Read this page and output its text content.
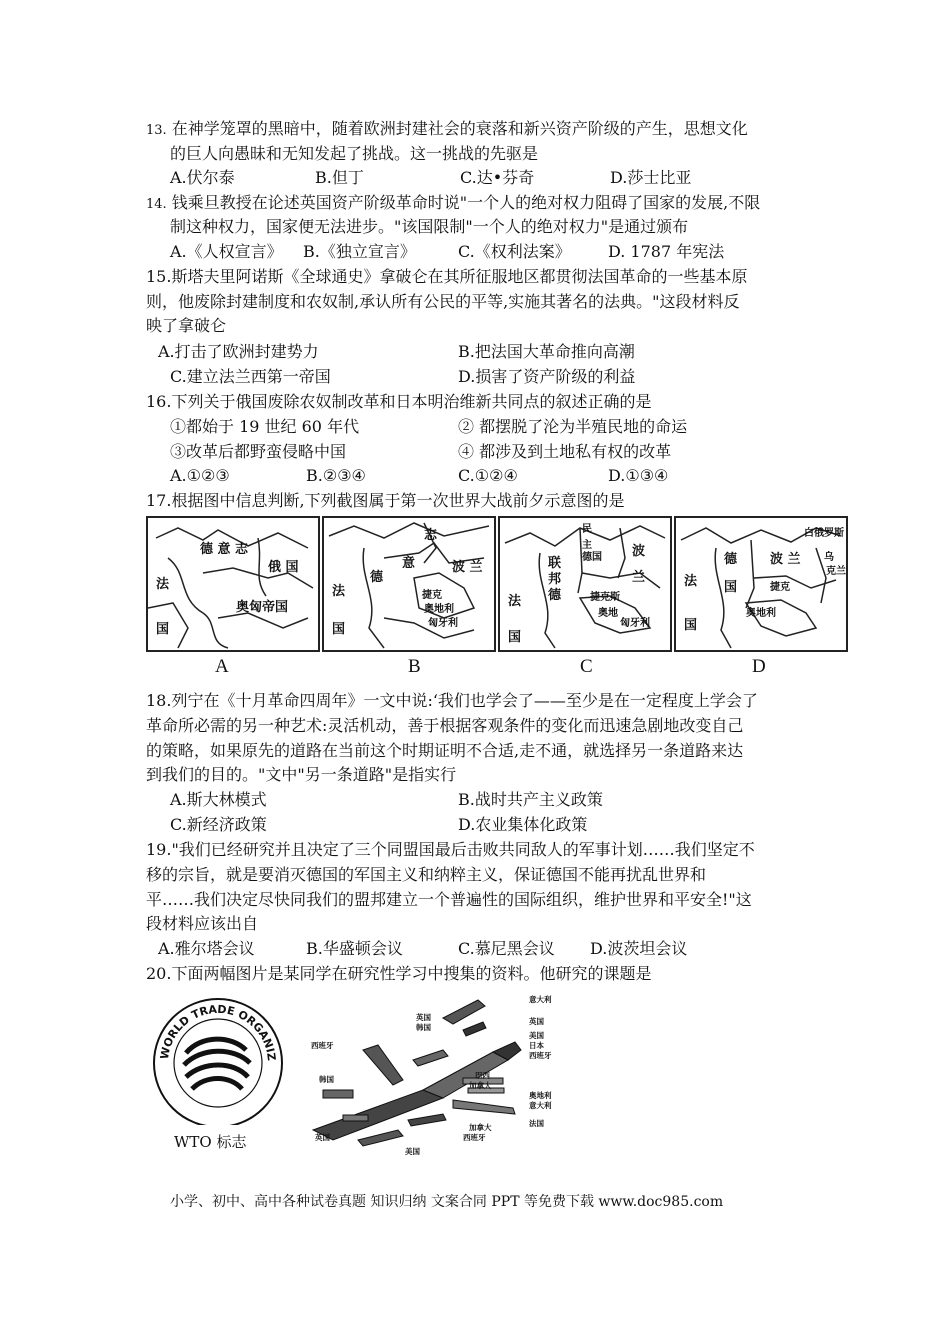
13. 在神学笼罩的黑暗中，随着欧洲封建社会的衰落和新兴资产阶级的产生，思想文化
的巨人向愚昧和无知发起了挑战。这一挑战的先驱是
A.伏尔泰	B.但丁	C.达•芬奇	D.莎士比亚
14. 钱乘旦教授在论述英国资产阶级革命时说"一个人的绝对权力阻碍了国家的发展,不限
制这种权力，国家便无法进步。"该国限制"一个人的绝对权力"是通过颁布
A.《人权宣言》 B.《独立宣言》	C.《权利法案》 D. 1787 年宪法
15.斯塔夫里阿诺斯《全球通史》拿破仑在其所征服地区都贯彻法国革命的一些基本原
则，他废除封建制度和农奴制,承认所有公民的平等,实施其著名的法典。"这段材料反
映了拿破仑
A.打击了欧洲封建势力	B.把法国大革命推向高潮
C.建立法兰西第一帝国	D.损害了资产阶级的利益
16.下列关于俄国废除农奴制改革和日本明治维新共同点的叙述正确的是
①都始于 19 世纪 60 年代	② 都摆脱了沦为半殖民地的命运
③改革后都野蛮侵略中国	④ 都涉及到土地私有权的改革
A.①②③	B.②③④	C.①②④	D.①③④
17.根据图中信息判断,下列截图属于第一次世界大战前夕示意图的是
德 意 志
俄 国
法
奥匈帝国
国
志
意	波 兰
德
法	捷克
奥地利
匈牙利
国
民
主
德国 波
联
邦	兰
德
法	捷克斯
奥地
匈牙利
国
白俄罗斯
德	波 兰 乌
克兰
法 国	捷克
奥地利
国
A	B	C	D
18.列宁在《十月革命四周年》一文中说:‘我们也学会了——至少是在一定程度上学会了
革命所必需的另一种艺术:灵活机动，善于根据客观条件的变化而迅速急剧地改变自己
的策略，如果原先的道路在当前这个时期证明不合适,走不通，就选择另一条道路来达
到我们的目的。"文中"另一条道路"是指实行
A.斯大林模式	B.战时共产主义政策
C.新经济政策	D.农业集体化政策
19."我们已经研究并且决定了三个同盟国最后击败共同敌人的军事计划……我们坚定不
移的宗旨，就是要消灭德国的军国主义和纳粹主义，保证德国不能再扰乱世界和
平……我们决定尽快同我们的盟邦建立一个普遍性的国际组织，维护世界和平安全!"这
段材料应该出自
A.雅尔塔会议	B.华盛顿会议	C.慕尼黑会议 D.波茨坦会议
20.下面两幅图片是某同学在研究性学习中搜集的资料。他研究的课题是
WORLD TRADE ORGANIZ
WTO 标志
意大利
英国	英国
韩国
西班牙
美国
日本
西班牙
韩国	巴西
加拿大
奥地利
意大利
法国
英国
加拿大
西班牙
美国
小学、初中、高中各种试卷真题 知识归纳 文案合同 PPT 等免费下载 www.doc985.com
